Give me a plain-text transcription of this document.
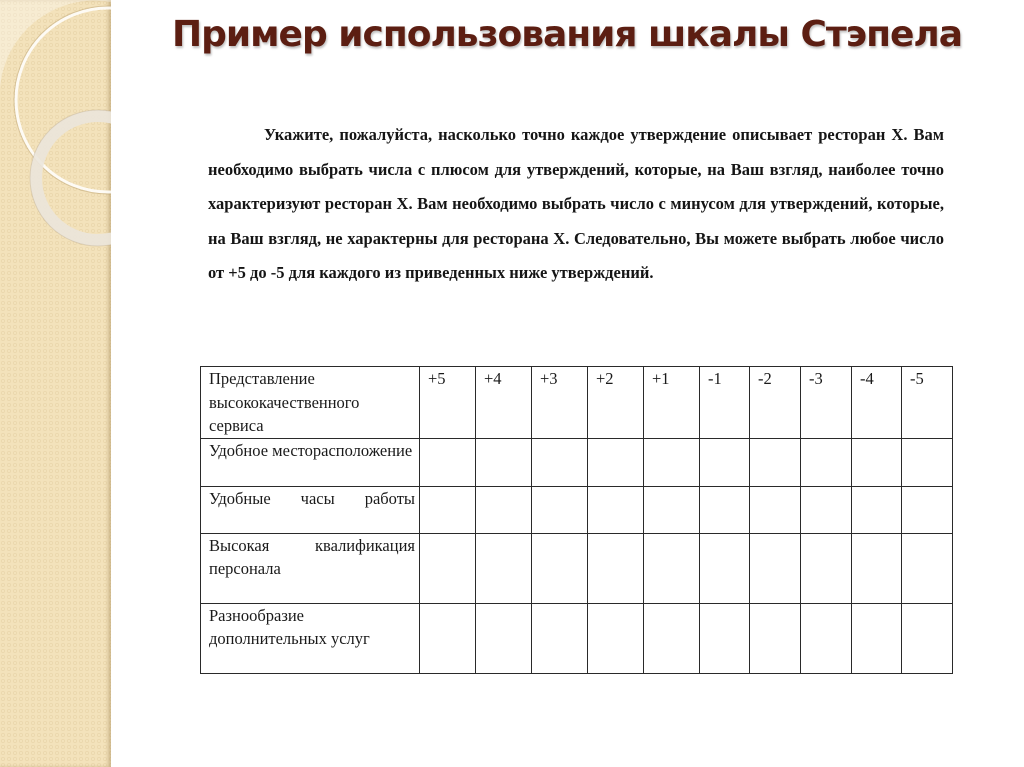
Пример использования шкалы Стэпела
Укажите, пожалуйста, насколько точно каждое утверждение описывает ресторан X. Вам необходимо выбрать числа с плюсом для утверждений, которые, на Ваш взгляд, наиболее точно характеризуют ресторан X. Вам необходимо выбрать число с минусом для утверждений, которые, на Ваш взгляд, не характерны для ресторана X. Следовательно, Вы можете выбрать любое число от +5 до -5 для каждого из приведенных ниже утверждений.
Представление высококачественного сервиса	+5	+4	+3	+2	+1	-1	-2	-3	-4	-5
Удобное месторасположение										
Удобные часы работы										
Высокая квалификация персонала										
Разнообразие дополнительных услуг										
